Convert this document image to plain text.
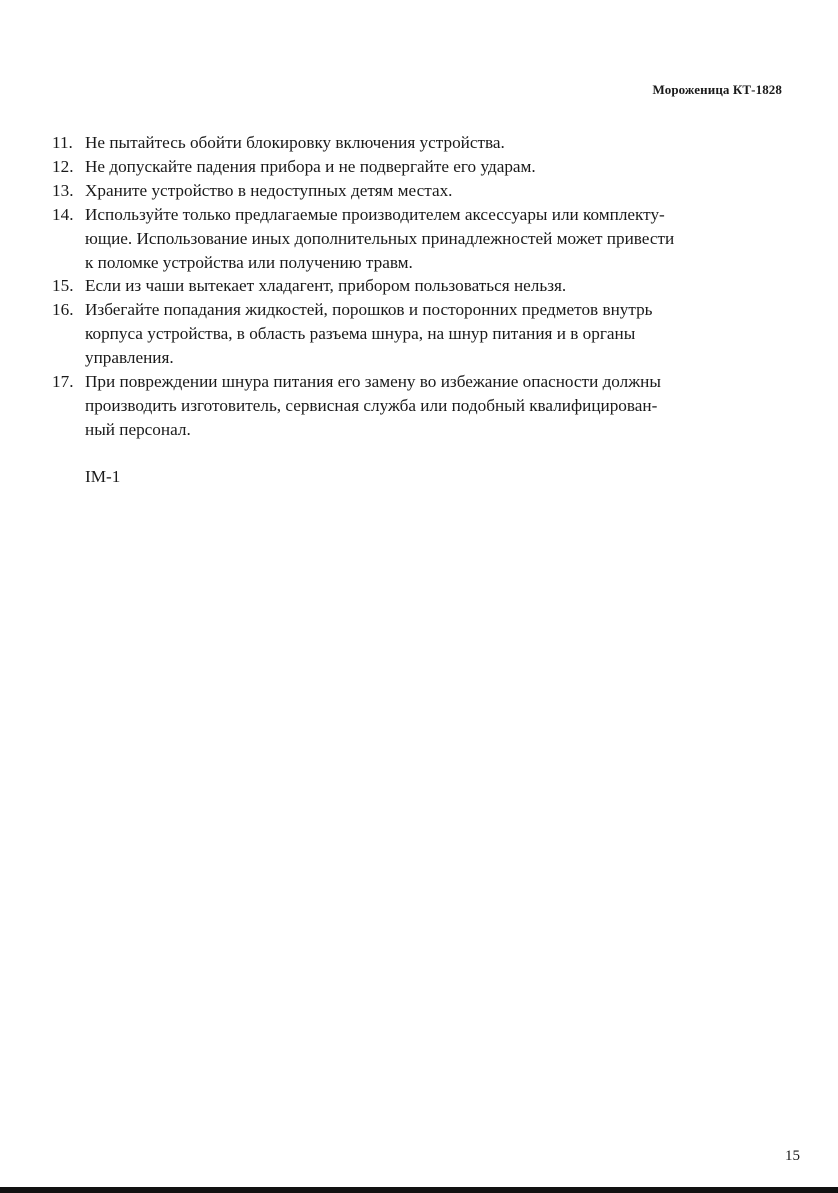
Мороженица КТ-1828
11. Не пытайтесь обойти блокировку включения устройства.
12. Не допускайте падения прибора и не подвергайте его ударам.
13. Храните устройство в недоступных детям местах.
14. Используйте только предлагаемые производителем аксессуары или комплекту-
ющие. Использование иных дополнительных принадлежностей может привести
к поломке устройства или получению травм.
15. Если из чаши вытекает хладагент, прибором пользоваться нельзя.
16. Избегайте попадания жидкостей, порошков и посторонних предметов внутрь
корпуса устройства, в область разъема шнура, на шнур питания и в органы
управления.
17. При повреждении шнура питания его замену во избежание опасности должны
производить изготовитель, сервисная служба или подобный квалифицирован-
ный персонал.
IM-1
15
